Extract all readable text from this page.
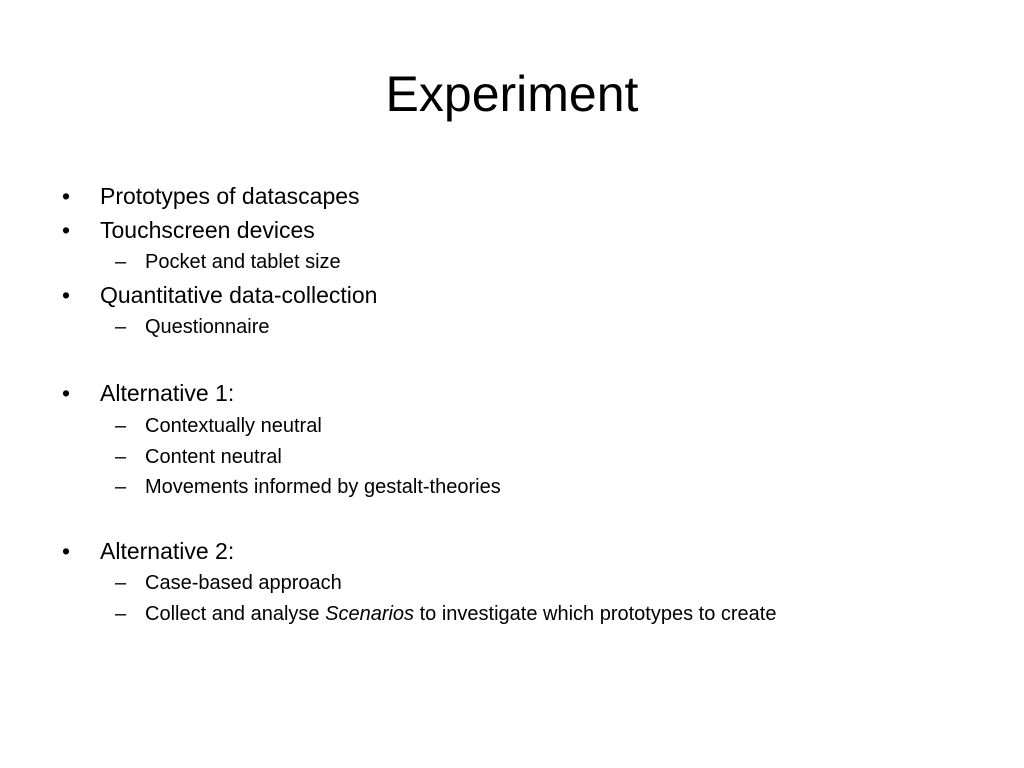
Experiment
• Prototypes of datascapes
• Touchscreen devices
– Pocket and tablet size
• Quantitative data-collection
– Questionnaire
• Alternative 1:
– Contextually neutral
– Content neutral
– Movements informed by gestalt-theories
• Alternative 2:
– Case-based approach
– Collect and analyse Scenarios to investigate which prototypes to create
